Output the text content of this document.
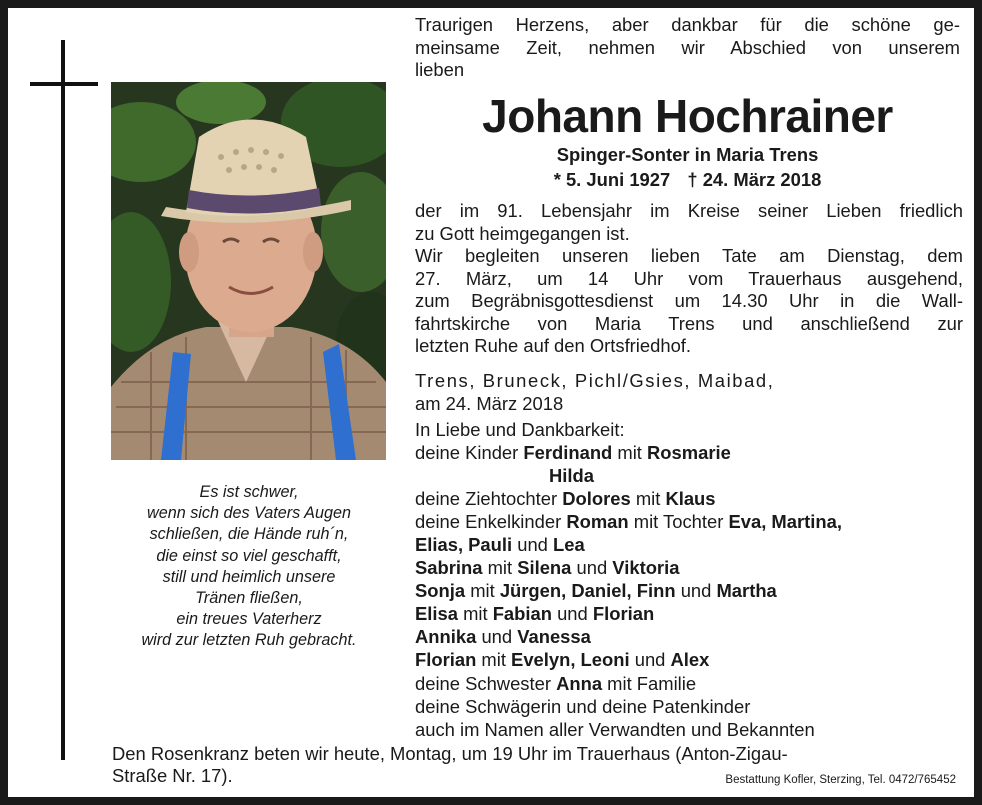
Es ist schwer,
wenn sich des Vaters Augen
schließen, die Hände ruh´n,
die einst so viel geschafft,
still und heimlich unsere
Tränen fließen,
ein treues Vaterherz
wird zur letzten Ruh gebracht.
Traurigen Herzens, aber dankbar für die schöne ge-
meinsame Zeit, nehmen wir Abschied von unserem
lieben
Johann Hochrainer
Spinger-Sonter in Maria Trens
* 5. Juni 1927 † 24. März 2018
der im 91. Lebensjahr im Kreise seiner Lieben friedlich
zu Gott heimgegangen ist.
Wir begleiten unseren lieben Tate am Dienstag, dem
27. März, um 14 Uhr vom Trauerhaus ausgehend,
zum Begräbnisgottesdienst um 14.30 Uhr in die Wall-
fahrtskirche von Maria Trens und anschließend zur
letzten Ruhe auf den Ortsfriedhof.
Trens, Bruneck, Pichl/Gsies, Maibad,
am 24. März 2018
In Liebe und Dankbarkeit:
deine Kinder Ferdinand mit Rosmarie
Hilda
deine Ziehtochter Dolores mit Klaus
deine Enkelkinder Roman mit Tochter Eva, Martina,
Elias, Pauli und Lea
Sabrina mit Silena und Viktoria
Sonja mit Jürgen, Daniel, Finn und Martha
Elisa mit Fabian und Florian
Annika und Vanessa
Florian mit Evelyn, Leoni und Alex
deine Schwester Anna mit Familie
deine Schwägerin und deine Patenkinder
auch im Namen aller Verwandten und Bekannten
Den Rosenkranz beten wir heute, Montag, um 19 Uhr im Trauerhaus (Anton-Zigau-
Straße Nr. 17).	Bestattung Kofler, Sterzing, Tel. 0472/765452
